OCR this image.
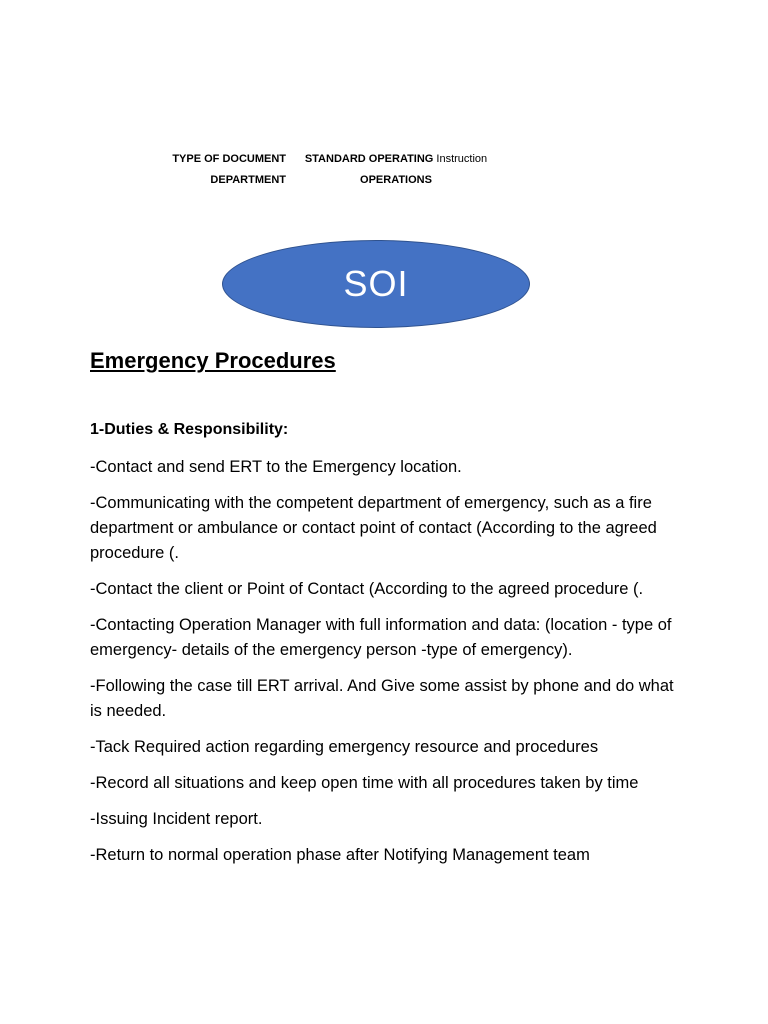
TYPE OF DOCUMENT	STANDARD OPERATING Instruction
DEPARTMENT	OPERATIONS
SOI
Emergency Procedures
1-Duties & Responsibility:
-Contact and send ERT to the Emergency location.
-Communicating with the competent department of emergency, such as a fire department or ambulance or contact point of contact (According to the agreed procedure (.
-Contact the client or Point of Contact (According to the agreed procedure (.
-Contacting Operation Manager with full information and data: (location - type of emergency- details of the emergency person -type of emergency).
-Following the case till ERT arrival. And Give some assist by phone and do what is needed.
-Tack Required action regarding emergency resource and procedures
-Record all situations and keep open time with all procedures taken by time
-Issuing Incident report.
-Return to normal operation phase after Notifying Management team
